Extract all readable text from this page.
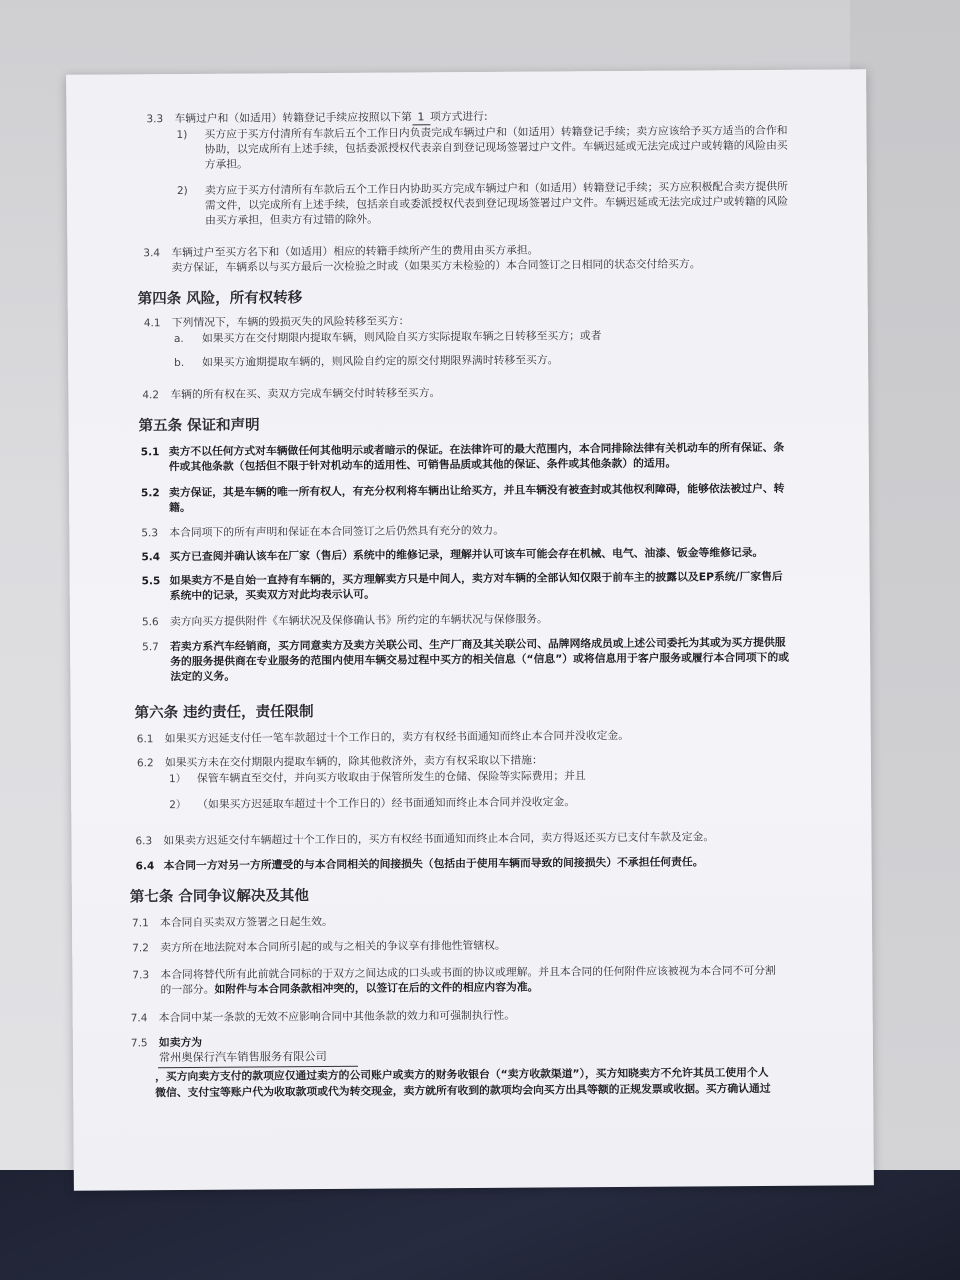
3.3 车辆过户和（如适用）转籍登记手续应按照以下第 1 项方式进行:
1) 买方应于买方付清所有车款后五个工作日内负责完成车辆过户和（如适用）转籍登记手续；卖方应该给予买方适当的合作和
协助，以完成所有上述手续，包括委派授权代表亲自到登记现场签署过户文件。车辆迟延或无法完成过户或转籍的风险由买
方承担。
2) 卖方应于买方付清所有车款后五个工作日内协助买方完成车辆过户和（如适用）转籍登记手续；买方应积极配合卖方提供所
需文件，以完成所有上述手续，包括亲自或委派授权代表到登记现场签署过户文件。车辆迟延或无法完成过户或转籍的风险
由买方承担，但卖方有过错的除外。
3.4 车辆过户至买方名下和（如适用）相应的转籍手续所产生的费用由买方承担。
卖方保证，车辆系以与买方最后一次检验之时或（如果买方未检验的）本合同签订之日相同的状态交付给买方。
第四条 风险，所有权转移
4.1 下列情况下，车辆的毁损灭失的风险转移至买方：
a. 如果买方在交付期限内提取车辆，则风险自买方实际提取车辆之日转移至买方；或者
b. 如果买方逾期提取车辆的，则风险自约定的原交付期限界满时转移至买方。
4.2 车辆的所有权在买、卖双方完成车辆交付时转移至买方。
第五条 保证和声明
5.1 卖方不以任何方式对车辆做任何其他明示或者暗示的保证。在法律许可的最大范围内，本合同排除法律有关机动车的所有保证、条
件或其他条款（包括但不限于针对机动车的适用性、可销售品质或其他的保证、条件或其他条款）的适用。
5.2 卖方保证，其是车辆的唯一所有权人，有充分权利将车辆出让给买方，并且车辆没有被查封或其他权利障碍，能够依法被过户、转
籍。
5.3 本合同项下的所有声明和保证在本合同签订之后仍然具有充分的效力。
5.4 买方已查阅并确认该车在厂家（售后）系统中的维修记录，理解并认可该车可能会存在机械、电气、油漆、钣金等维修记录。
5.5 如果卖方不是自始一直持有车辆的，买方理解卖方只是中间人，卖方对车辆的全部认知仅限于前车主的披露以及EP系统/厂家售后
系统中的记录，买卖双方对此均表示认可。
5.6 卖方向买方提供附件《车辆状况及保修确认书》所约定的车辆状况与保修服务。
5.7 若卖方系汽车经销商，买方同意卖方及卖方关联公司、生产厂商及其关联公司、品牌网络成员或上述公司委托为其或为买方提供服
务的服务提供商在专业服务的范围内使用车辆交易过程中买方的相关信息（“信息”）或将信息用于客户服务或履行本合同项下的或
法定的义务。
第六条 违约责任，责任限制
6.1 如果买方迟延支付任一笔车款超过十个工作日的，卖方有权经书面通知而终止本合同并没收定金。
6.2 如果买方未在交付期限内提取车辆的，除其他救济外，卖方有权采取以下措施：
1） 保管车辆直至交付，并向买方收取由于保管所发生的仓储、保险等实际费用；并且
2） （如果买方迟延取车超过十个工作日的）经书面通知而终止本合同并没收定金。
6.3 如果卖方迟延交付车辆超过十个工作日的，买方有权经书面通知而终止本合同，卖方得返还买方已支付车款及定金。
6.4 本合同一方对另一方所遭受的与本合同相关的间接损失（包括由于使用车辆而导致的间接损失）不承担任何责任。
第七条 合同争议解决及其他
7.1 本合同自买卖双方签署之日起生效。
7.2 卖方所在地法院对本合同所引起的或与之相关的争议享有排他性管辖权。
7.3 本合同将替代所有此前就合同标的于双方之间达成的口头或书面的协议或理解。并且本合同的任何附件应该被视为本合同不可分割
的一部分。如附件与本合同条款相冲突的，以签订在后的文件的相应内容为准。
7.4 本合同中某一条款的无效不应影响合同中其他条款的效力和可强制执行性。
7.5 如卖方为
常州奥保行汽车销售服务有限公司
，买方向卖方支付的款项应仅通过卖方的公司账户或卖方的财务收银台（“卖方收款渠道”），买方知晓卖方不允许其员工使用个人
微信、支付宝等账户代为收取款项或代为转交现金，卖方就所有收到的款项均会向买方出具等额的正规发票或收据。买方确认通过
